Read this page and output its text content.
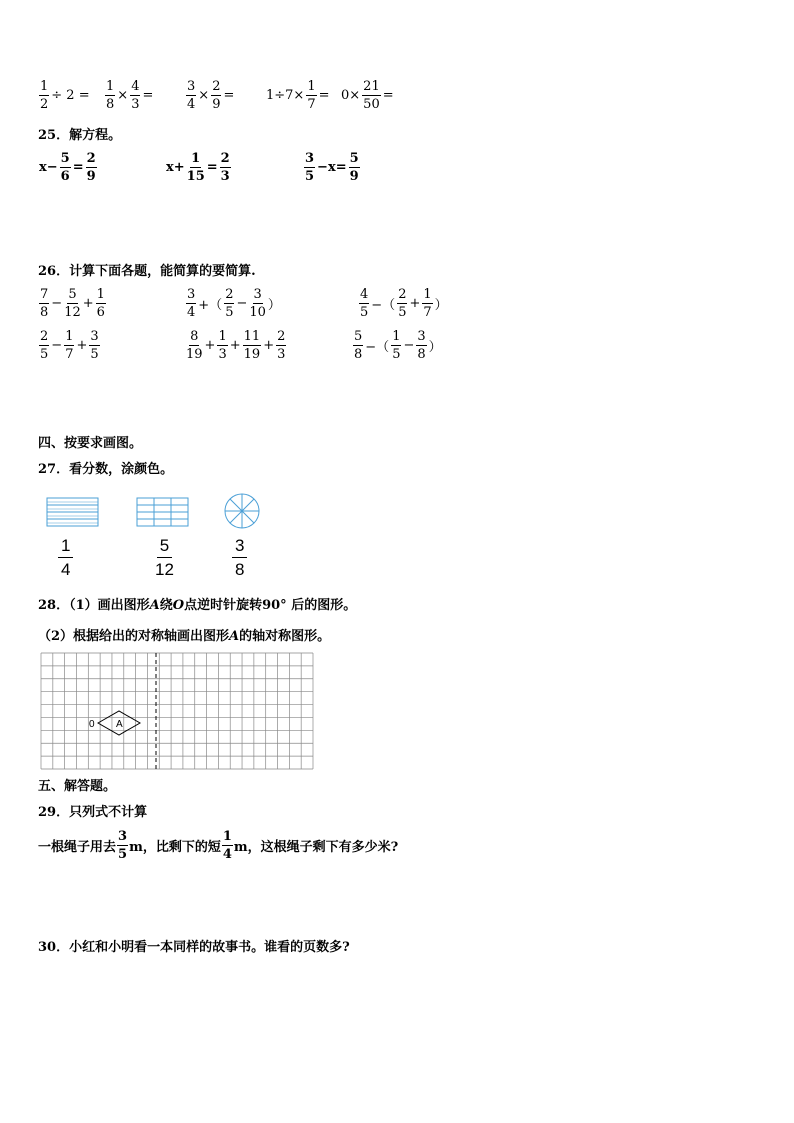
$\frac{1}{2} \div 2 = \frac{1}{8} \times \frac{4}{3}$ =	$\frac{3}{4} \times \frac{2}{9} = 1\div 7\times \frac{1}{7} = 0\times \frac{21}{50}$ =
25．解方程。
$x- \frac{5}{6} = \frac{2}{9}$	$x+ \frac{1}{15} = \frac{2}{3}$	$\frac{3}{5} -x= \frac{5}{9}$
26．计算下面各题，能简算的要简算.
$\frac{7}{8} - \frac{5}{12} + \frac{1}{6}$	$\frac{3}{4}$ +（ $\frac{2}{5} - \frac{3}{10}$ ）	$\frac{4}{5}$ −（ $\frac{2}{5} + \frac{1}{7}$ ）
$\frac{2}{5} - \frac{1}{7} + \frac{3}{5}$	$\frac{8}{19} + \frac{1}{3} + \frac{11}{19} + \frac{2}{3}$	$\frac{5}{8}$ −（ $\frac{1}{5} - \frac{3}{8}$ ）
四、按要求画图。
27．看分数，涂颜色。
1
4
5
12
3
8
28．（1）画出图形A绕O点逆时针旋转90° 后的图形。
（2）根据给出的对称轴画出图形A的轴对称图形。
0 A
五、解答题。
29．只列式不计算
一根绳子用去 $\frac{3}{5}$ m，比剩下的短 $\frac{1}{4}$ m，这根绳子剩下有多少米?
30．小红和小明看一本同样的故事书。谁看的页数多?
